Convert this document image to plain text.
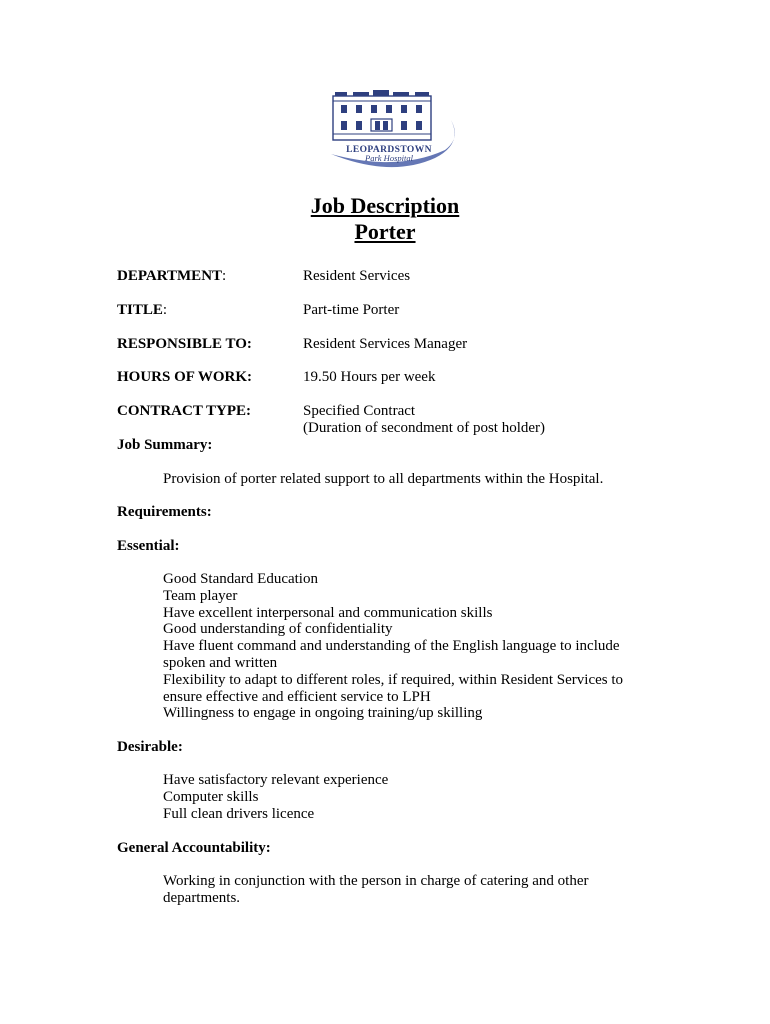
LEOPARDSTOWN
Park Hospital
Job Description
Porter
DEPARTMENT:	Resident Services
TITLE:	Part-time Porter
RESPONSIBLE TO:	Resident Services Manager
HOURS OF WORK:	19.50 Hours per week
CONTRACT TYPE:	Specified Contract
(Duration of secondment of post holder)
Job Summary:
Provision of porter related support to all departments within the Hospital.
Requirements:
Essential:
Good Standard Education
Team player
Have excellent interpersonal and communication skills
Good understanding of confidentiality
Have fluent command and understanding of the English language to include
spoken and written
Flexibility to adapt to different roles, if required, within Resident Services to
ensure effective and efficient service to LPH
Willingness to engage in ongoing training/up skilling
Desirable:
Have satisfactory relevant experience
Computer skills
Full clean drivers licence
General Accountability:
Working in conjunction with the person in charge of catering and other
departments.
